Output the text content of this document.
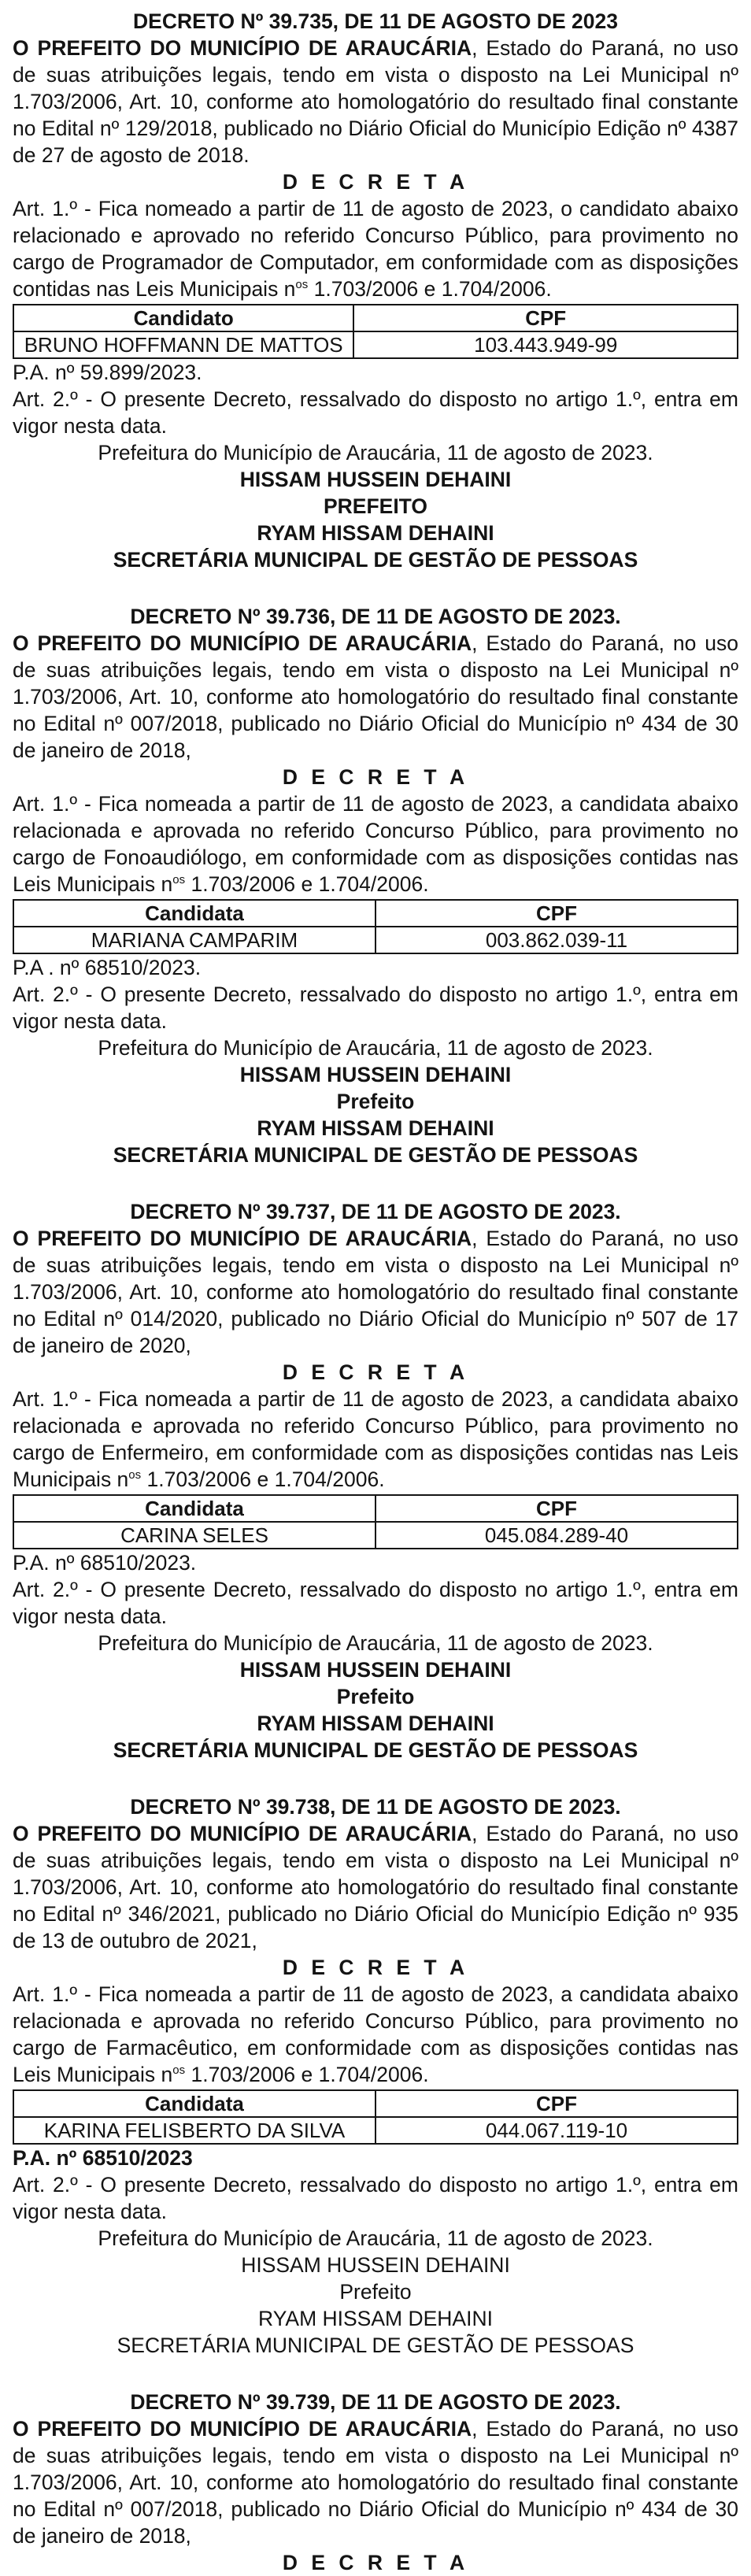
DECRETO Nº 39.735, DE 11 DE AGOSTO DE 2023

O PREFEITO DO MUNICÍPIO DE ARAUCÁRIA, Estado do Paraná, no uso de suas atribuições legais, tendo em vista o disposto na Lei Municipal nº 1.703/2006, Art. 10, conforme ato homologatório do resultado final constante no Edital nº 129/2018, publicado no Diário Oficial do Município Edição nº 4387 de 27 de agosto de 2018.

D E C R E T A

Art. 1.º - Fica nomeado a partir de 11 de agosto de 2023, o candidato abaixo relacionado e aprovado no referido Concurso Público, para provimento no cargo de Programador de Computador, em conformidade com as disposições contidas nas Leis Municipais $n^{os}$ 1.703/2006 e 1.704/2006.

Candidato	CPF
BRUNO HOFFMANN DE MATTOS	103.443.949-99

P.A. nº 59.899/2023.

Art. 2.º - O presente Decreto, ressalvado do disposto no artigo 1.º, entra em vigor nesta data.

Prefeitura do Município de Araucária, 11 de agosto de 2023.

HISSAM HUSSEIN DEHAINI

PREFEITO

RYAM HISSAM DEHAINI

SECRETÁRIA MUNICIPAL DE GESTÃO DE PESSOAS

DECRETO Nº 39.736, DE 11 DE AGOSTO DE 2023.

O PREFEITO DO MUNICÍPIO DE ARAUCÁRIA, Estado do Paraná, no uso de suas atribuições legais, tendo em vista o disposto na Lei Municipal nº 1.703/2006, Art. 10, conforme ato homologatório do resultado final constante no Edital nº 007/2018, publicado no Diário Oficial do Município nº 434 de 30 de janeiro de 2018,

D E C R E T A

Art. 1.º - Fica nomeada a partir de 11 de agosto de 2023, a candidata abaixo relacionada e aprovada no referido Concurso Público, para provimento no cargo de Fonoaudiólogo, em conformidade com as disposições contidas nas Leis Municipais $n^{os}$ 1.703/2006 e 1.704/2006.

Candidata	CPF
MARIANA CAMPARIM	003.862.039-11

P.A . nº 68510/2023.

Art. 2.º - O presente Decreto, ressalvado do disposto no artigo 1.º, entra em vigor nesta data.

Prefeitura do Município de Araucária, 11 de agosto de 2023.

HISSAM HUSSEIN DEHAINI

Prefeito

RYAM HISSAM DEHAINI

SECRETÁRIA MUNICIPAL DE GESTÃO DE PESSOAS

DECRETO Nº 39.737, DE 11 DE AGOSTO DE 2023.

O PREFEITO DO MUNICÍPIO DE ARAUCÁRIA, Estado do Paraná, no uso de suas atribuições legais, tendo em vista o disposto na Lei Municipal nº 1.703/2006, Art. 10, conforme ato homologatório do resultado final constante no Edital nº 014/2020, publicado no Diário Oficial do Município nº 507 de 17 de janeiro de 2020,

D E C R E T A

Art. 1.º - Fica nomeada a partir de 11 de agosto de 2023, a candidata abaixo relacionada e aprovada no referido Concurso Público, para provimento no cargo de Enfermeiro, em conformidade com as disposições contidas nas Leis Municipais $n^{os}$ 1.703/2006 e 1.704/2006.

Candidata	CPF
CARINA SELES	045.084.289-40

P.A. nº 68510/2023.

Art. 2.º - O presente Decreto, ressalvado do disposto no artigo 1.º, entra em vigor nesta data.

Prefeitura do Município de Araucária, 11 de agosto de 2023.

HISSAM HUSSEIN DEHAINI

Prefeito

RYAM HISSAM DEHAINI

SECRETÁRIA MUNICIPAL DE GESTÃO DE PESSOAS

DECRETO Nº 39.738, DE 11 DE AGOSTO DE 2023.

O PREFEITO DO MUNICÍPIO DE ARAUCÁRIA, Estado do Paraná, no uso de suas atribuições legais, tendo em vista o disposto na Lei Municipal nº 1.703/2006, Art. 10, conforme ato homologatório do resultado final constante no Edital nº 346/2021, publicado no Diário Oficial do Município Edição nº 935 de 13 de outubro de 2021,

D E C R E T A

Art. 1.º - Fica nomeada a partir de 11 de agosto de 2023, a candidata abaixo relacionada e aprovada no referido Concurso Público, para provimento no cargo de Farmacêutico, em conformidade com as disposições contidas nas Leis Municipais $n^{os}$ 1.703/2006 e 1.704/2006.

Candidata	CPF
KARINA FELISBERTO DA SILVA	044.067.119-10

P.A. nº 68510/2023

Art. 2.º - O presente Decreto, ressalvado do disposto no artigo 1.º, entra em vigor nesta data.

Prefeitura do Município de Araucária, 11 de agosto de 2023.

HISSAM HUSSEIN DEHAINI

Prefeito

RYAM HISSAM DEHAINI

SECRETÁRIA MUNICIPAL DE GESTÃO DE PESSOAS

DECRETO Nº 39.739, DE 11 DE AGOSTO DE 2023.

O PREFEITO DO MUNICÍPIO DE ARAUCÁRIA, Estado do Paraná, no uso de suas atribuições legais, tendo em vista o disposto na Lei Municipal nº 1.703/2006, Art. 10, conforme ato homologatório do resultado final constante no Edital nº 007/2018, publicado no Diário Oficial do Município nº 434 de 30 de janeiro de 2018,

D E C R E T A
